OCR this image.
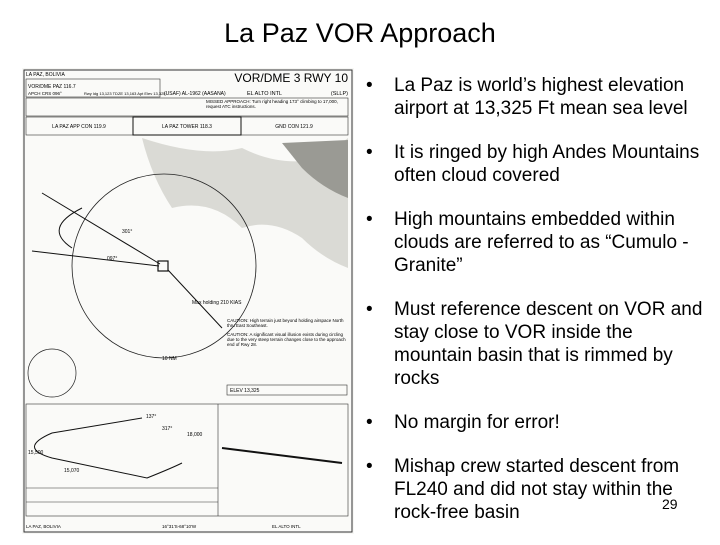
La Paz VOR Approach
LA PAZ, BOLIVIA	VOR/DME 3 RWY 10
(SLLP)
EL ALTO INTL
(USAF) AL-1962 (AASANA)
VOR/DME PAZ 116.7
APCH CRS 096°	Rwy ldg 13,123 TDZE 13,163 Apt Elev 13,325
MISSED APPROACH: Turn right heading 173° climbing to 17,000, request ATC instructions.
LA PAZ APP CON 119.9	LA PAZ TOWER 118.3	GND CON 121.9
10 NM
301°
097°
Max holding 210 KIAS
ELEV 13,325
CAUTION: High terrain just beyond holding airspace North thru East Southeast.
CAUTION: A significant visual illusion exists during circling due to the very steep terrain changes close to the approach end of Rwy 28.
137°
317°
18,000
15,500
15,070
LA PAZ, BOLIVIA	16°31'S-68°10'W	EL ALTO INTL
• La Paz is world’s highest elevation airport at 13,325 Ft mean sea level
• It is ringed by high Andes Mountains often cloud covered
• High mountains embedded within clouds are referred to as “Cumulo -Granite”
• Must reference descent on VOR and stay close to VOR inside the mountain basin that is rimmed by rocks
• No margin for error!
• Mishap crew started descent from FL240 and did not stay within the rock-free basin	29
